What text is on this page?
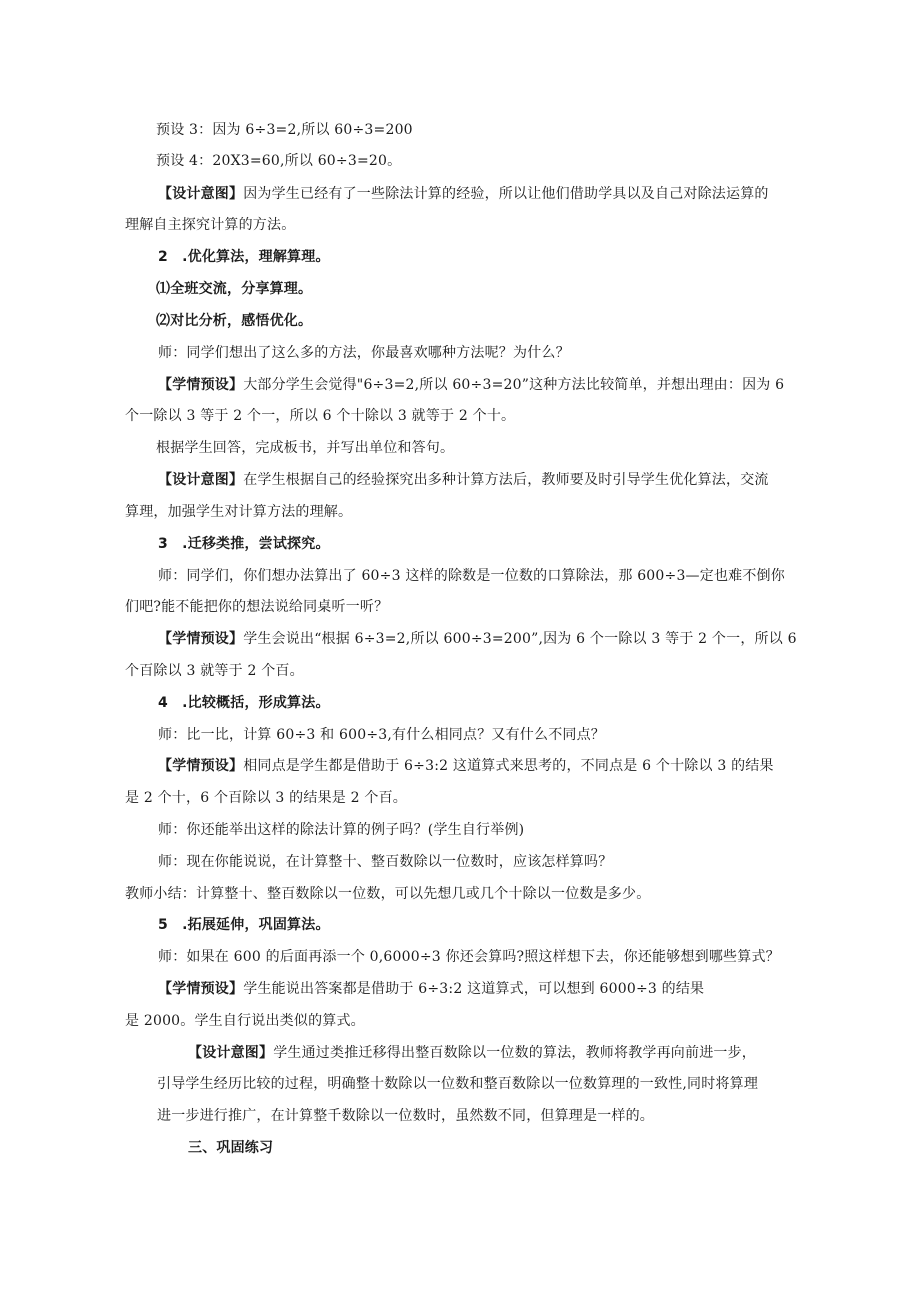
预设 3：因为 6÷3=2,所以 60÷3=200
预设 4：20X3=60,所以 60÷3=20。
【设计意图】因为学生已经有了一些除法计算的经验，所以让他们借助学具以及自己对除法运算的
理解自主探究计算的方法。
2　.优化算法，理解算理。
⑴全班交流，分享算理。
⑵对比分析，感悟优化。
师：同学们想出了这么多的方法，你最喜欢哪种方法呢？为什么？
【学情预设】大部分学生会觉得"6÷3=2,所以 60÷3=20”这种方法比较简单，并想出理由：因为 6
个一除以 3 等于 2 个一，所以 6 个十除以 3 就等于 2 个十。
根据学生回答，完成板书，并写出单位和答句。
【设计意图】在学生根据自己的经验探究出多种计算方法后，教师要及时引导学生优化算法，交流
算理，加强学生对计算方法的理解。
3　.迁移类推，尝试探究。
师：同学们，你们想办法算出了 60÷3 这样的除数是一位数的口算除法，那 600÷3—定也难不倒你
们吧?能不能把你的想法说给同桌听一听？
【学情预设】学生会说出“根据 6÷3=2,所以 600÷3=200”,因为 6 个一除以 3 等于 2 个一，所以 6
个百除以 3 就等于 2 个百。
4　.比较概括，形成算法。
师：比一比，计算 60÷3 和 600÷3,有什么相同点？又有什么不同点？
【学情预设】相同点是学生都是借助于 6÷3:2 这道算式来思考的，不同点是 6 个十除以 3 的结果
是 2 个十，6 个百除以 3 的结果是 2 个百。
师：你还能举出这样的除法计算的例子吗？(学生自行举例)
师：现在你能说说，在计算整十、整百数除以一位数时，应该怎样算吗？
教师小结：计算整十、整百数除以一位数，可以先想几或几个十除以一位数是多少。
5　.拓展延伸，巩固算法。
师：如果在 600 的后面再添一个 0,6000÷3 你还会算吗?照这样想下去，你还能够想到哪些算式？
【学情预设】学生能说出答案都是借助于 6÷3:2 这道算式，可以想到 6000÷3 的结果
是 2000。学生自行说出类似的算式。
【设计意图】学生通过类推迁移得出整百数除以一位数的算法，教师将教学再向前进一步，
引导学生经历比较的过程，明确整十数除以一位数和整百数除以一位数算理的一致性,同时将算理
进一步进行推广，在计算整千数除以一位数时，虽然数不同，但算理是一样的。
三、巩固练习
